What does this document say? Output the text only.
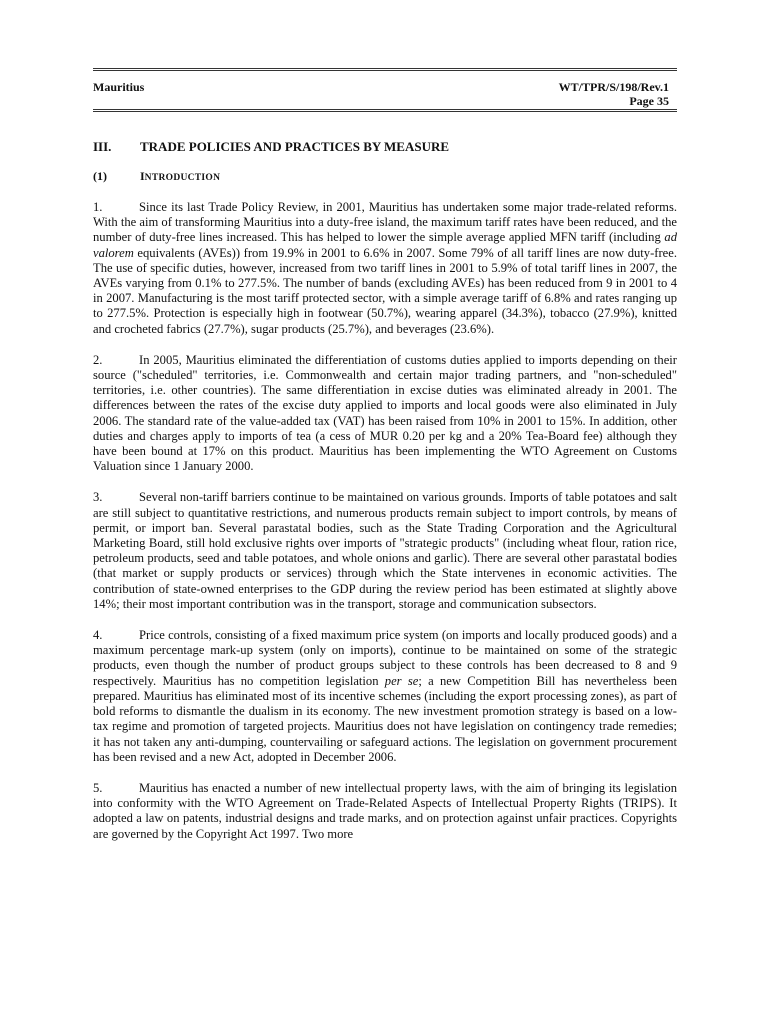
Mauritius	WT/TPR/S/198/Rev.1
Page 35
III.	TRADE POLICIES AND PRACTICES BY MEASURE
(1)	INTRODUCTION

1.	Since its last Trade Policy Review, in 2001, Mauritius has undertaken some major trade-related reforms. With the aim of transforming Mauritius into a duty-free island, the maximum tariff rates have been reduced, and the number of duty-free lines increased. This has helped to lower the simple average applied MFN tariff (including ad valorem equivalents (AVEs)) from 19.9% in 2001 to 6.6% in 2007. Some 79% of all tariff lines are now duty-free. The use of specific duties, however, increased from two tariff lines in 2001 to 5.9% of total tariff lines in 2007, the AVEs varying from 0.1% to 277.5%. The number of bands (excluding AVEs) has been reduced from 9 in 2001 to 4 in 2007. Manufacturing is the most tariff protected sector, with a simple average tariff of 6.8% and rates ranging up to 277.5%. Protection is especially high in footwear (50.7%), wearing apparel (34.3%), tobacco (27.9%), knitted and crocheted fabrics (27.7%), sugar products (25.7%), and beverages (23.6%).

2.	In 2005, Mauritius eliminated the differentiation of customs duties applied to imports depending on their source ("scheduled" territories, i.e. Commonwealth and certain major trading partners, and "non-scheduled" territories, i.e. other countries). The same differentiation in excise duties was eliminated already in 2001. The differences between the rates of the excise duty applied to imports and local goods were also eliminated in July 2006. The standard rate of the value-added tax (VAT) has been raised from 10% in 2001 to 15%. In addition, other duties and charges apply to imports of tea (a cess of MUR 0.20 per kg and a 20% Tea-Board fee) although they have been bound at 17% on this product. Mauritius has been implementing the WTO Agreement on Customs Valuation since 1 January 2000.

3.	Several non-tariff barriers continue to be maintained on various grounds. Imports of table potatoes and salt are still subject to quantitative restrictions, and numerous products remain subject to import controls, by means of permit, or import ban. Several parastatal bodies, such as the State Trading Corporation and the Agricultural Marketing Board, still hold exclusive rights over imports of "strategic products" (including wheat flour, ration rice, petroleum products, seed and table potatoes, and whole onions and garlic). There are several other parastatal bodies (that market or supply products or services) through which the State intervenes in economic activities. The contribution of state-owned enterprises to the GDP during the review period has been estimated at slightly above 14%; their most important contribution was in the transport, storage and communication subsectors.

4.	Price controls, consisting of a fixed maximum price system (on imports and locally produced goods) and a maximum percentage mark-up system (only on imports), continue to be maintained on some of the strategic products, even though the number of product groups subject to these controls has been decreased to 8 and 9 respectively. Mauritius has no competition legislation per se; a new Competition Bill has nevertheless been prepared. Mauritius has eliminated most of its incentive schemes (including the export processing zones), as part of bold reforms to dismantle the dualism in its economy. The new investment promotion strategy is based on a low-tax regime and promotion of targeted projects. Mauritius does not have legislation on contingency trade remedies; it has not taken any anti-dumping, countervailing or safeguard actions. The legislation on government procurement has been revised and a new Act, adopted in December 2006.

5.	Mauritius has enacted a number of new intellectual property laws, with the aim of bringing its legislation into conformity with the WTO Agreement on Trade-Related Aspects of Intellectual Property Rights (TRIPS). It adopted a law on patents, industrial designs and trade marks, and on protection against unfair practices. Copyrights are governed by the Copyright Act 1997. Two more
